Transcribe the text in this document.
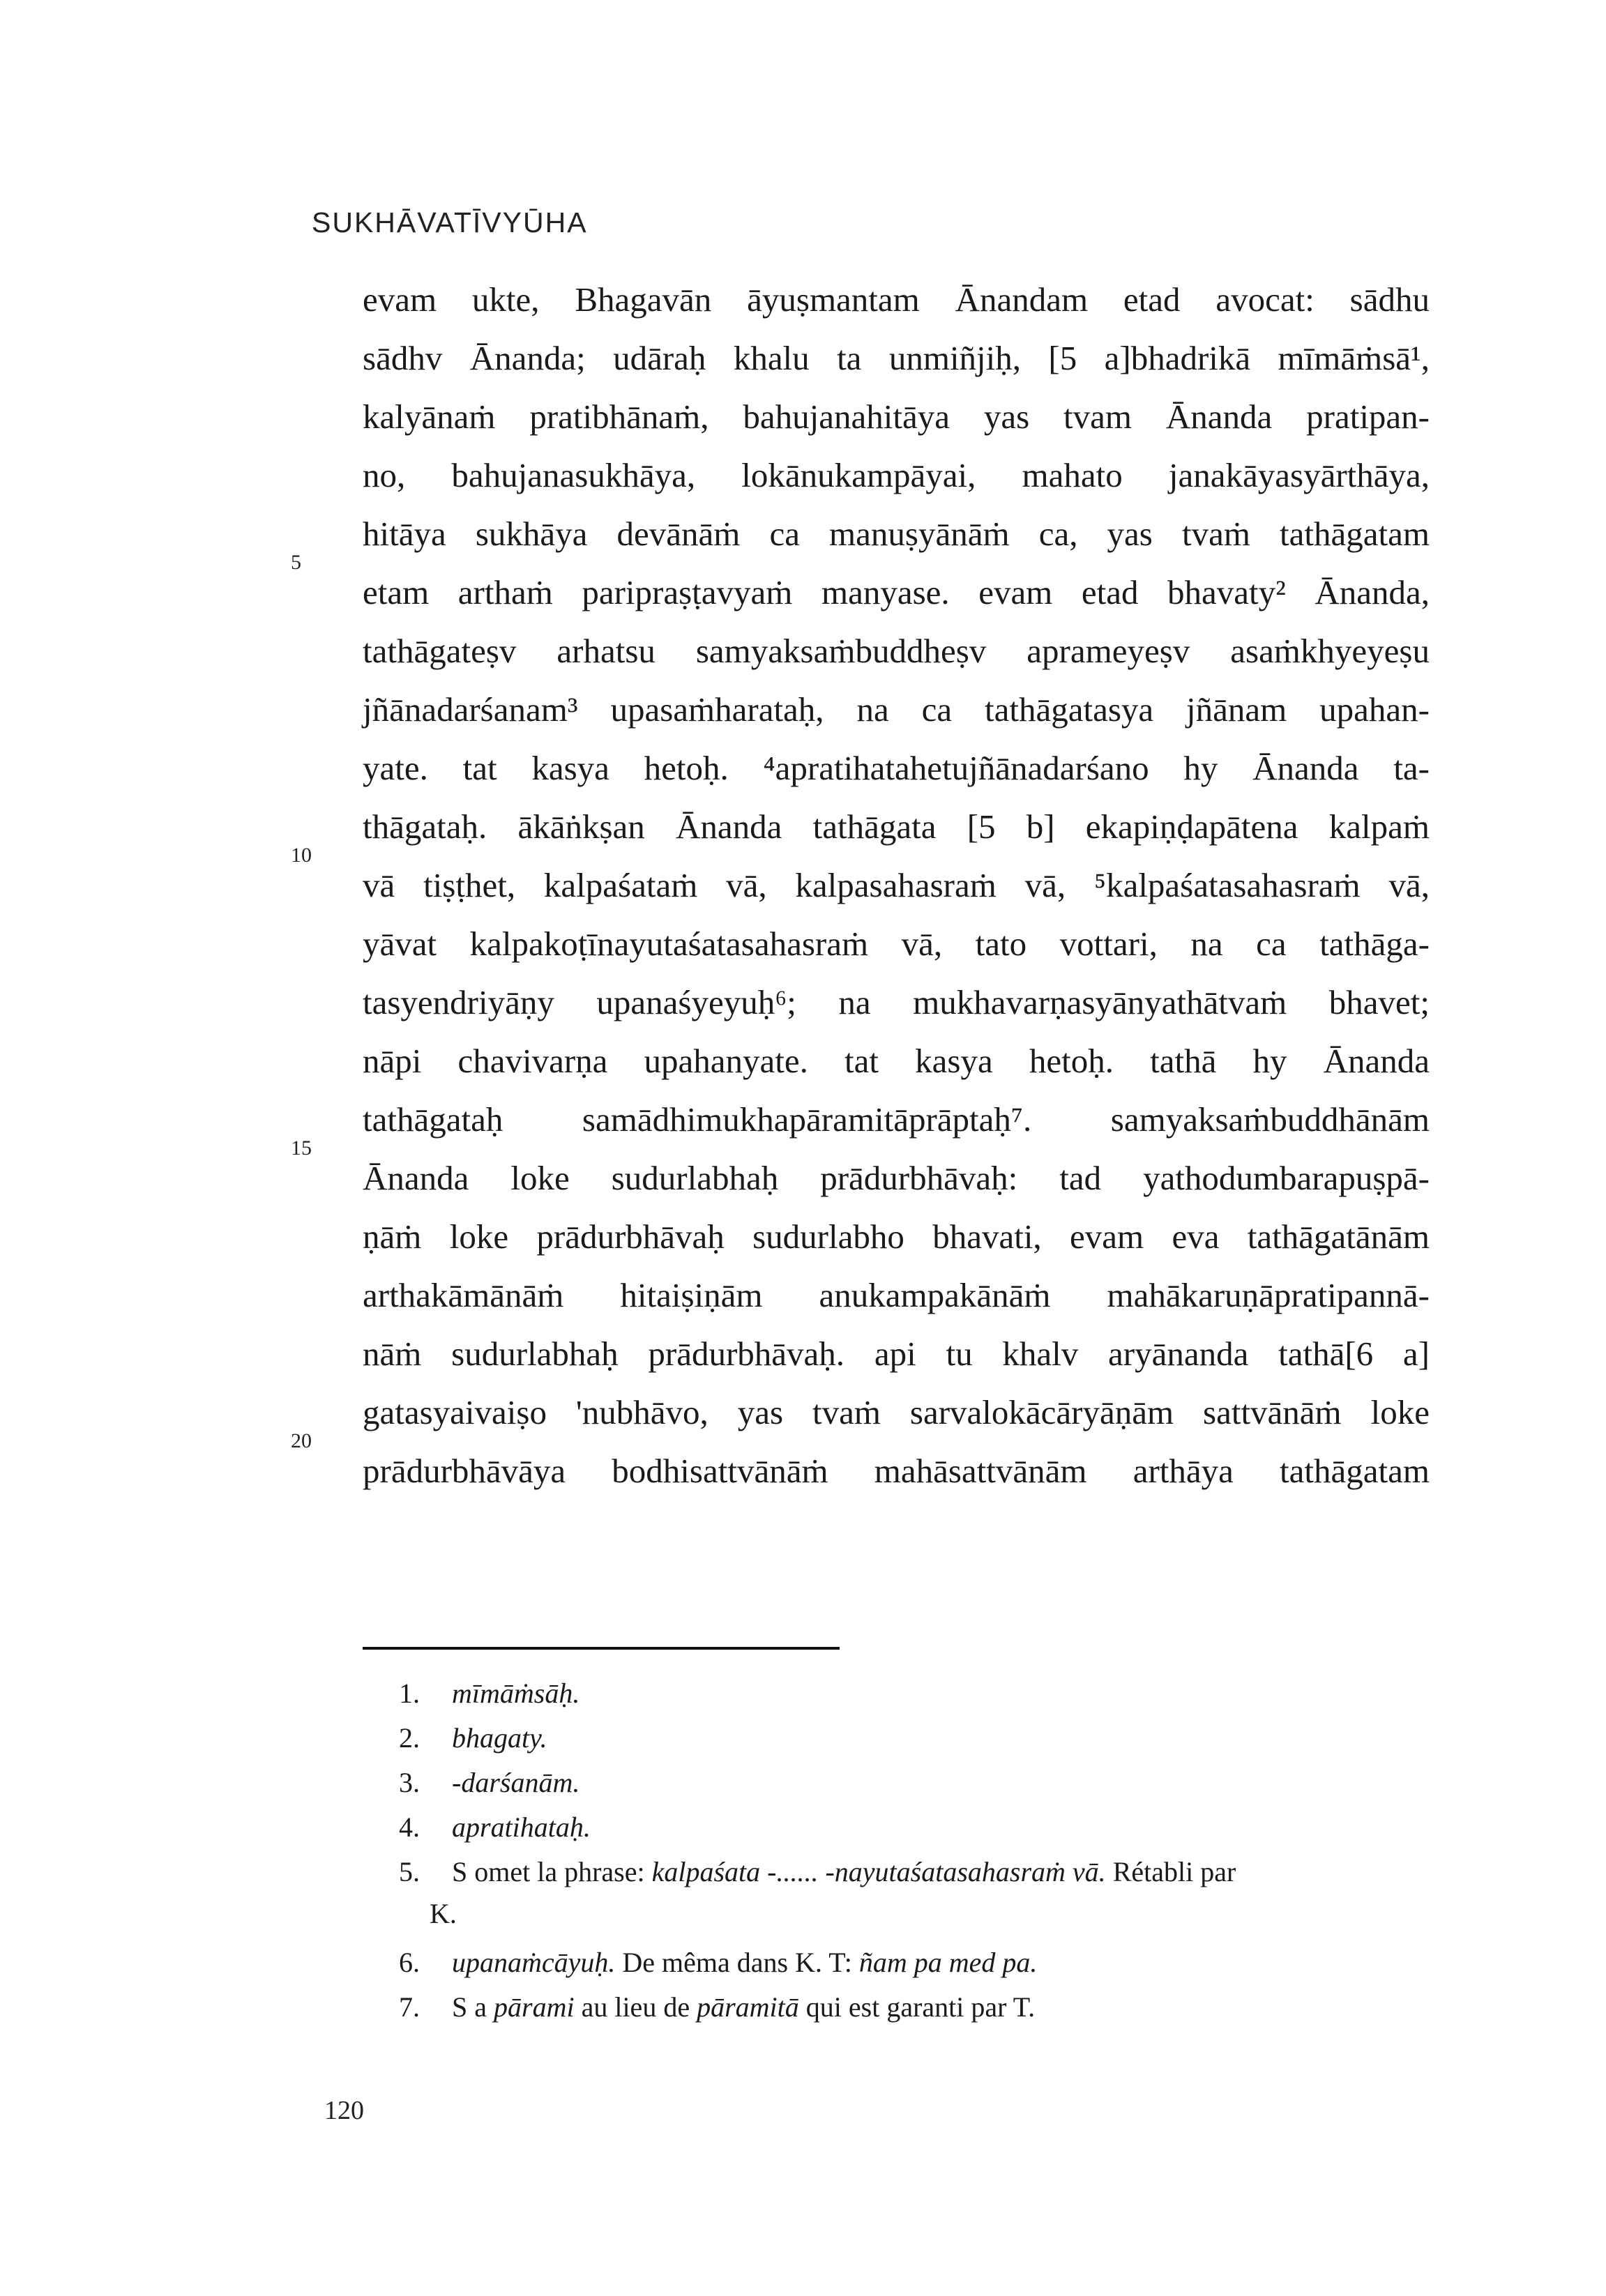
SUKHĀVATĪVYŪHA
evam ukte, Bhagavān āyuṣmantam Ānandam etad avocat: sādhu
sādhv Ānanda; udāraḥ khalu ta unmiñjiḥ, [5 a]bhadrikā mīmāṁsā¹,
kalyānaṁ pratibhānaṁ, bahujanahitāya yas tvam Ānanda pratipan-
no, bahujanasukhāya, lokānukampāyai, mahato janakāyasyārthāya,
hitāya sukhāya devānāṁ ca manuṣyānāṁ ca, yas tvaṁ tathāgatam
etam arthaṁ paripraṣṭavyaṁ manyase. evam etad bhavaty² Ānanda,
tathāgateṣv arhatsu samyaksaṁbuddheṣv aprameyeṣv asaṁkhyeyeṣu
jñānadarśanam³ upasaṁharataḥ, na ca tathāgatasya jñānam upahan-
yate. tat kasya hetoḥ. ⁴apratihatahetujñānadarśano hy Ānanda ta-
thāgataḥ. ākāṅkṣan Ānanda tathāgata [5 b] ekapiṇḍapātena kalpaṁ
vā tiṣṭhet, kalpaśataṁ vā, kalpasahasraṁ vā, ⁵kalpaśatasahasraṁ vā,
yāvat kalpakoṭīnayutaśatasahasraṁ vā, tato vottari, na ca tathāga-
tasyendriyāṇy upanaśyeyuḥ⁶; na mukhavarṇasyānyathātvaṁ bhavet;
nāpi chavivarṇa upahanyate. tat kasya hetoḥ. tathā hy Ānanda
tathāgataḥ samādhimukhapāramitāprāptaḥ⁷. samyaksaṁbuddhānām
Ānanda loke sudurlabhaḥ prādurbhāvaḥ: tad yathodumbarapuṣpā-
ṇāṁ loke prādurbhāvaḥ sudurlabho bhavati, evam eva tathāgatānām
arthakāmānāṁ hitaiṣiṇām anukampakānāṁ mahākaruṇāpratipannā-
nāṁ sudurlabhaḥ prādurbhāvaḥ. api tu khalv aryānanda tathā[6 a]
gatasyaivaiṣo 'nubhāvo, yas tvaṁ sarvalokācāryāṇām sattvānāṁ loke
prādurbhāvāya bodhisattvānāṁ mahāsattvānām arthāya tathāgatam
5
10
15
20
1. mīmāṁsāḥ.
2. bhagaty.
3. -darśanām.
4. apratihataḥ.
5. S omet la phrase: kalpaśata -...... -nayutaśatasahasraṁ vā. Rétabli par
K.
6. upanaṁcāyuḥ. De mêma dans K. T: ñam pa med pa.
7. S a pārami au lieu de pāramitā qui est garanti par T.
120
